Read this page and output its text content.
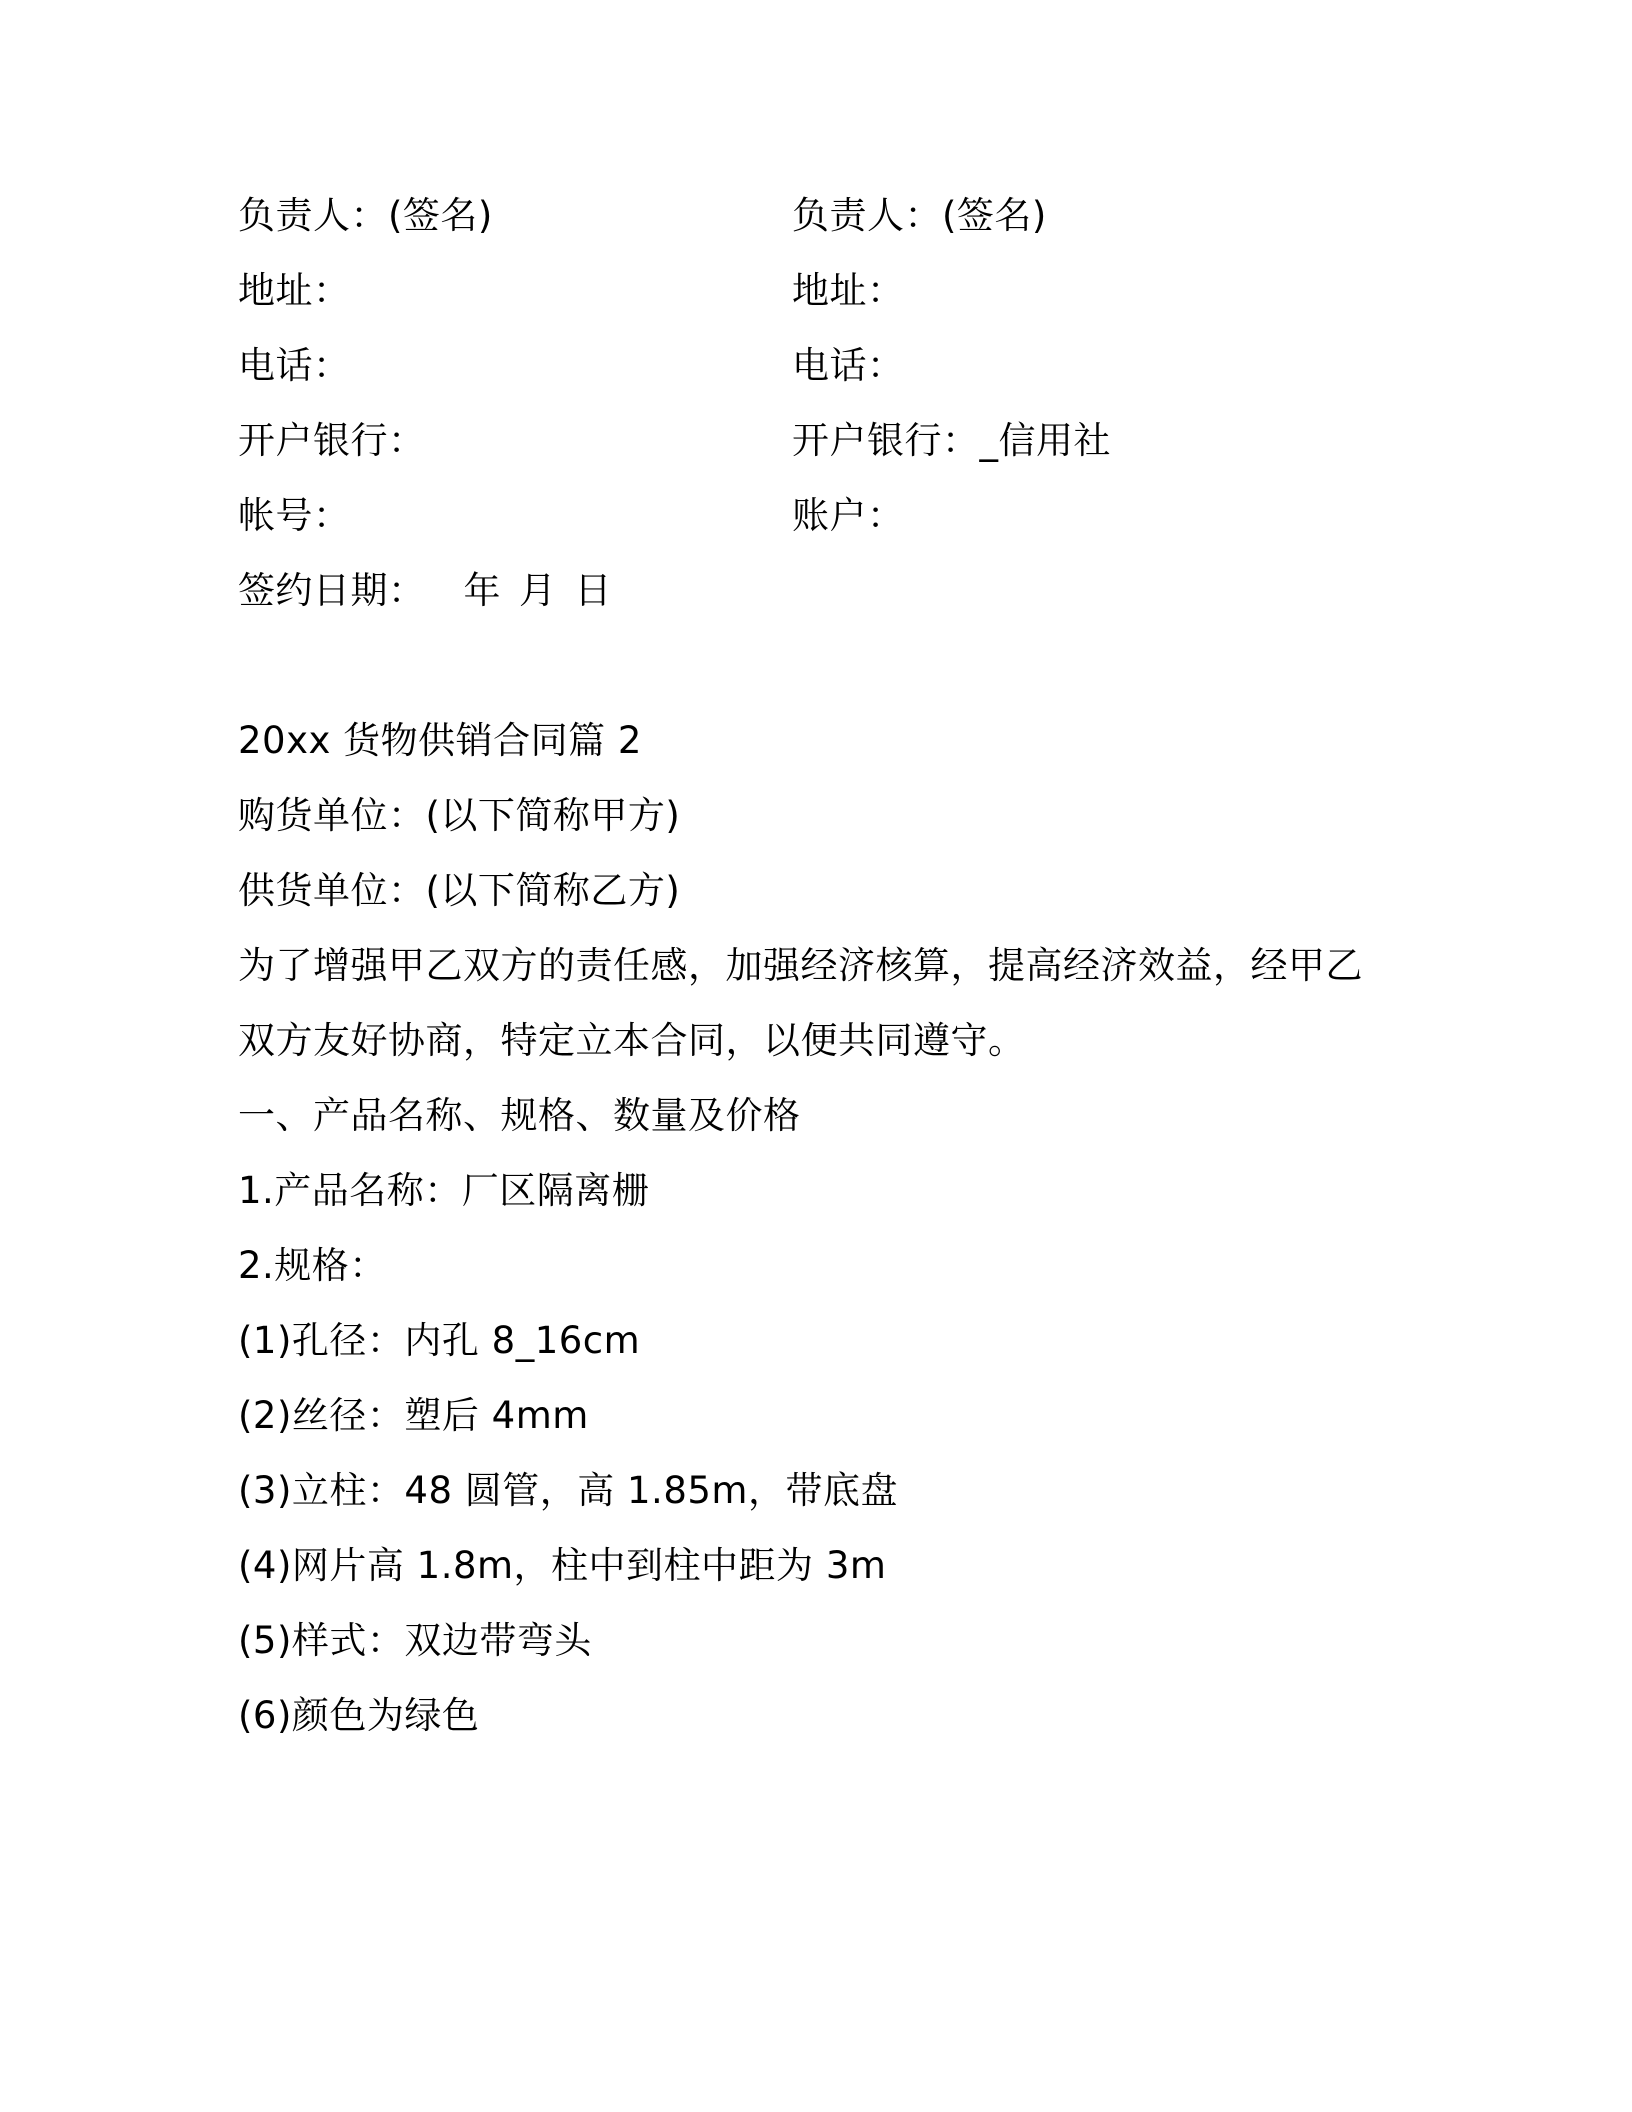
负责人：(签名)
地址：
电话：
开户银行：
帐号：
负责人：(签名)
地址：
电话：
开户银行：_信用社
账户：
签约日期： 年 月 日
20xx 货物供销合同篇 2
购货单位：(以下简称甲方)
供货单位：(以下简称乙方)
为了增强甲乙双方的责任感，加强经济核算，提高经济效益，经甲乙
双方友好协商，特定立本合同，以便共同遵守。
一、产品名称、规格、数量及价格
1.产品名称：厂区隔离栅
2.规格：
(1)孔径：内孔 8_16cm
(2)丝径：塑后 4mm
(3)立柱：48 圆管，高 1.85m，带底盘
(4)网片高 1.8m，柱中到柱中距为 3m
(5)样式：双边带弯头
(6)颜色为绿色
